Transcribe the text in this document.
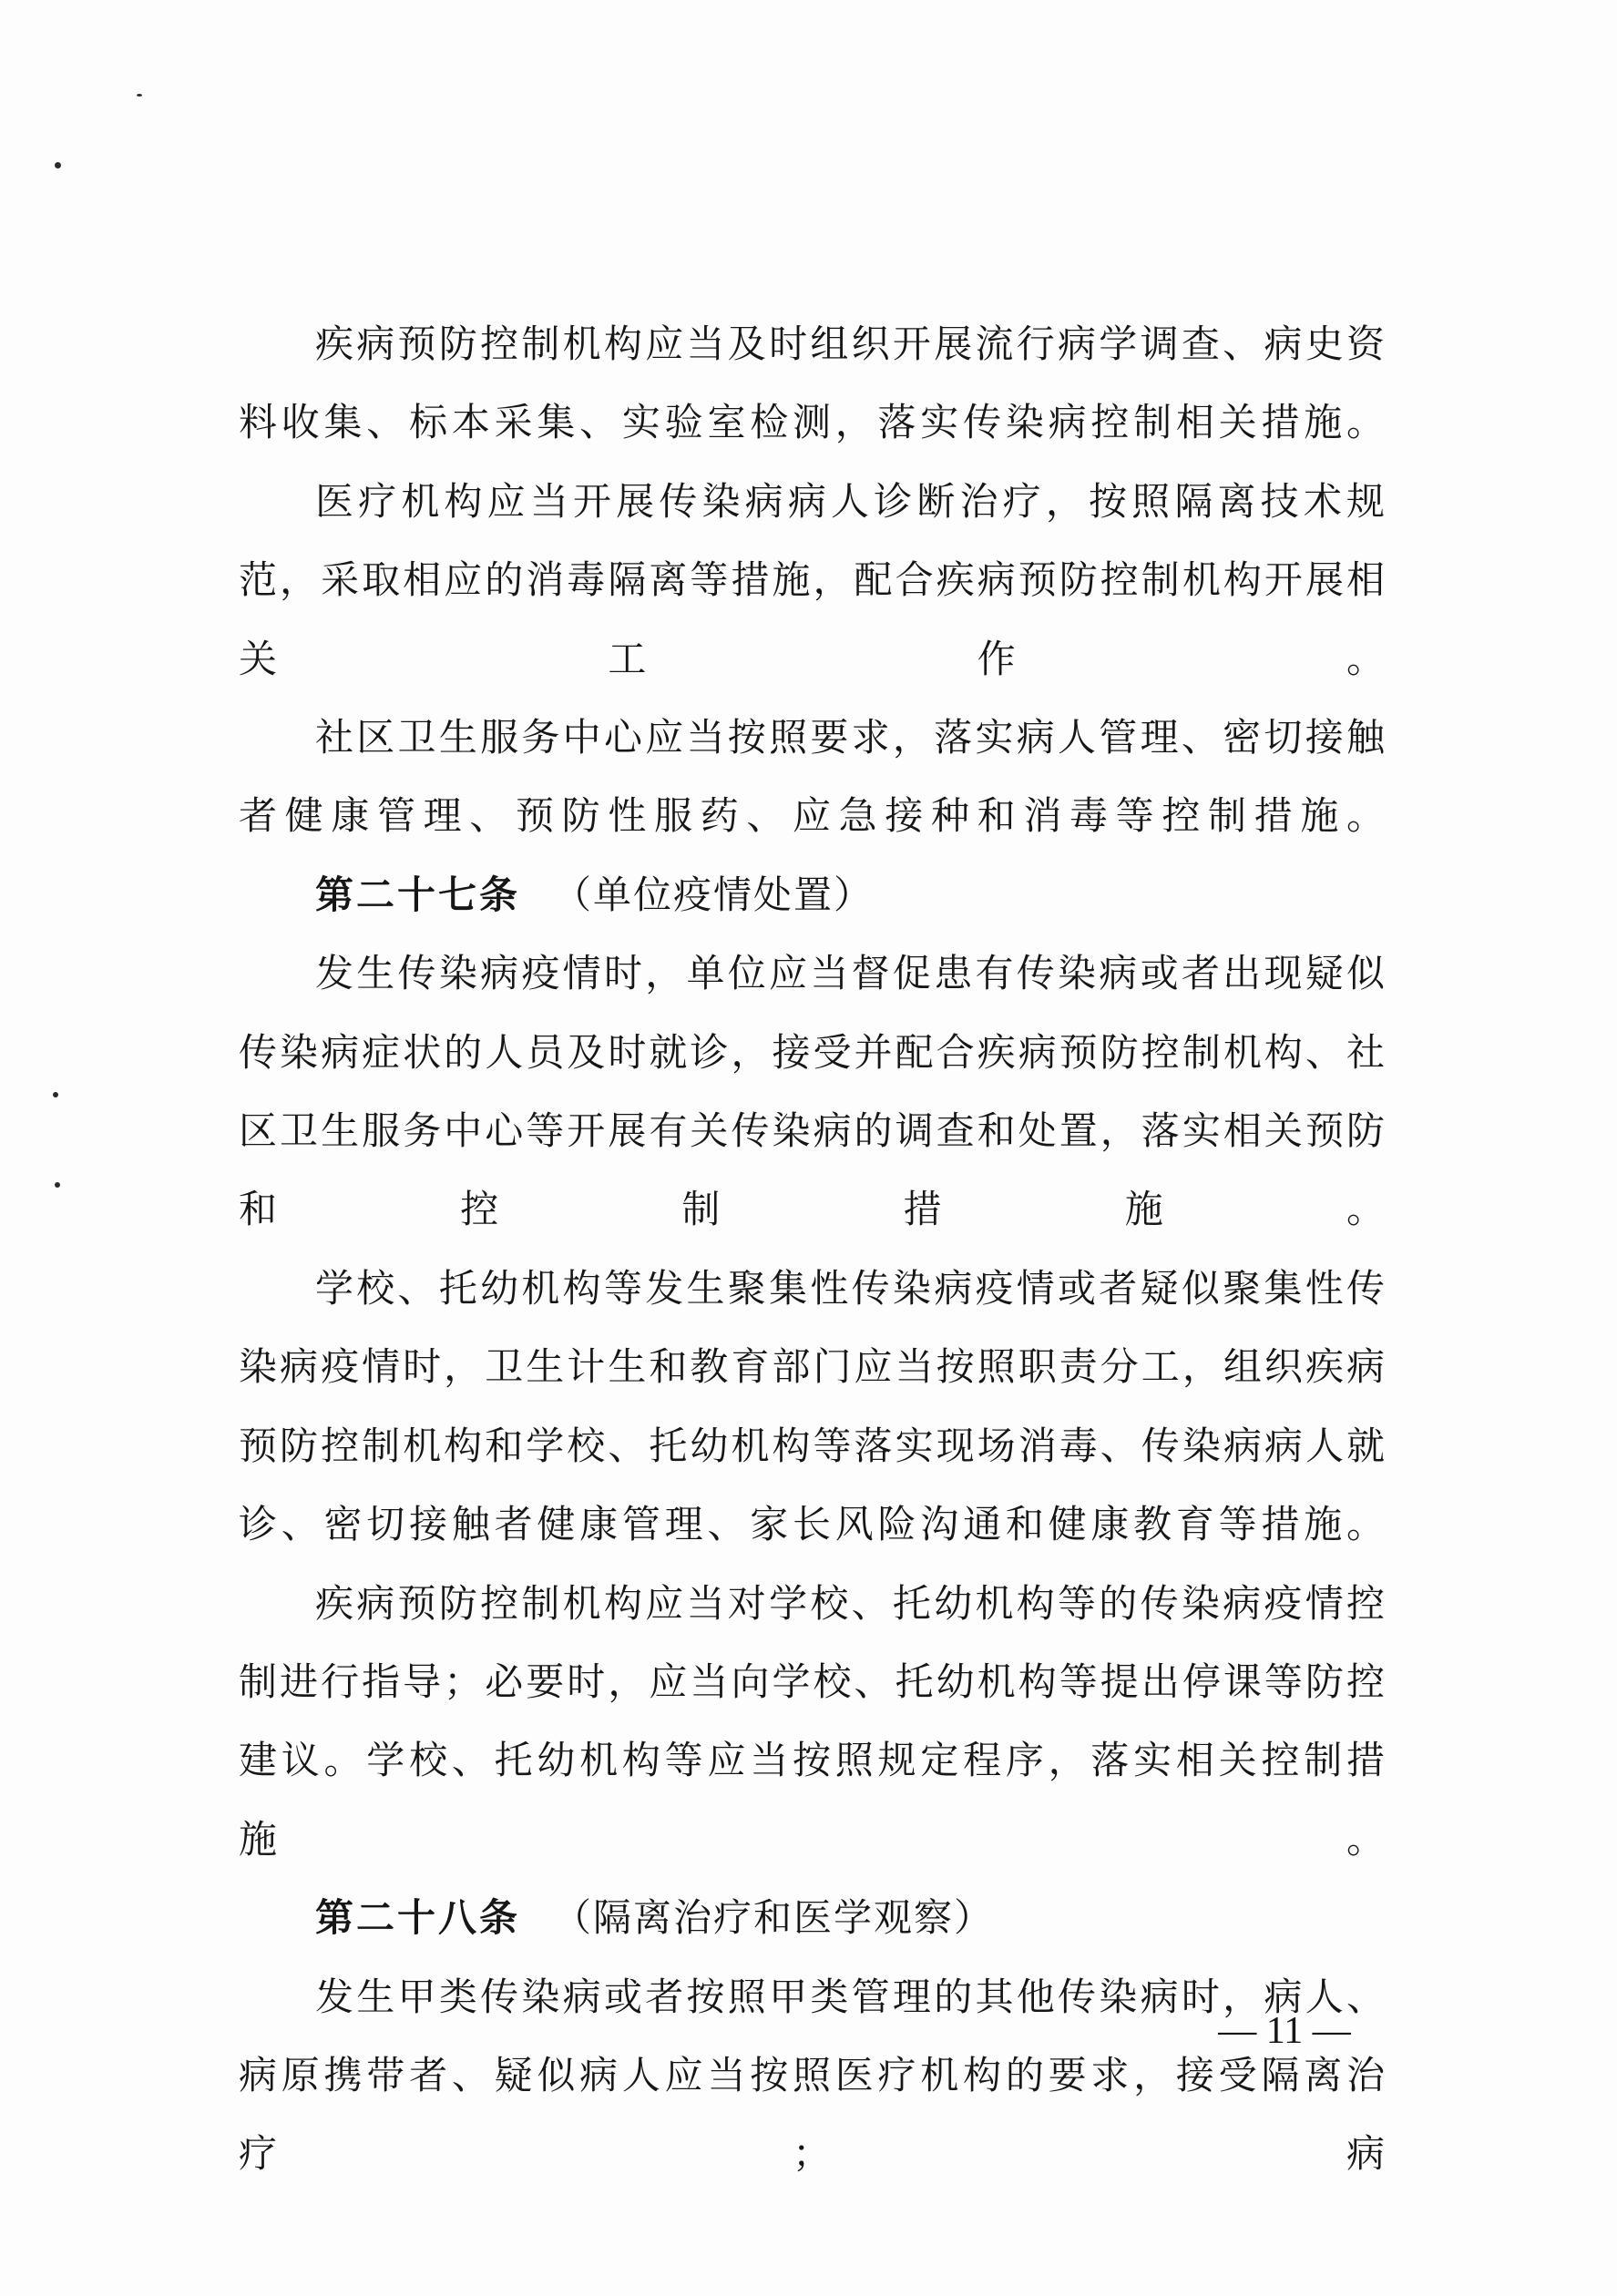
疾病预防控制机构应当及时组织开展流行病学调查、病史资料收集、标本采集、实验室检测，落实传染病控制相关措施。

医疗机构应当开展传染病病人诊断治疗，按照隔离技术规范，采取相应的消毒隔离等措施，配合疾病预防控制机构开展相关工作。

社区卫生服务中心应当按照要求，落实病人管理、密切接触者健康管理、预防性服药、应急接种和消毒等控制措施。

第二十七条 （单位疫情处置）

发生传染病疫情时，单位应当督促患有传染病或者出现疑似传染病症状的人员及时就诊，接受并配合疾病预防控制机构、社区卫生服务中心等开展有关传染病的调查和处置，落实相关预防和控制措施。

学校、托幼机构等发生聚集性传染病疫情或者疑似聚集性传染病疫情时，卫生计生和教育部门应当按照职责分工，组织疾病预防控制机构和学校、托幼机构等落实现场消毒、传染病病人就诊、密切接触者健康管理、家长风险沟通和健康教育等措施。

疾病预防控制机构应当对学校、托幼机构等的传染病疫情控制进行指导；必要时，应当向学校、托幼机构等提出停课等防控建议。学校、托幼机构等应当按照规定程序，落实相关控制措施。

第二十八条 （隔离治疗和医学观察）

发生甲类传染病或者按照甲类管理的其他传染病时，病人、病原携带者、疑似病人应当按照医疗机构的要求，接受隔离治疗；病

— 11 —
